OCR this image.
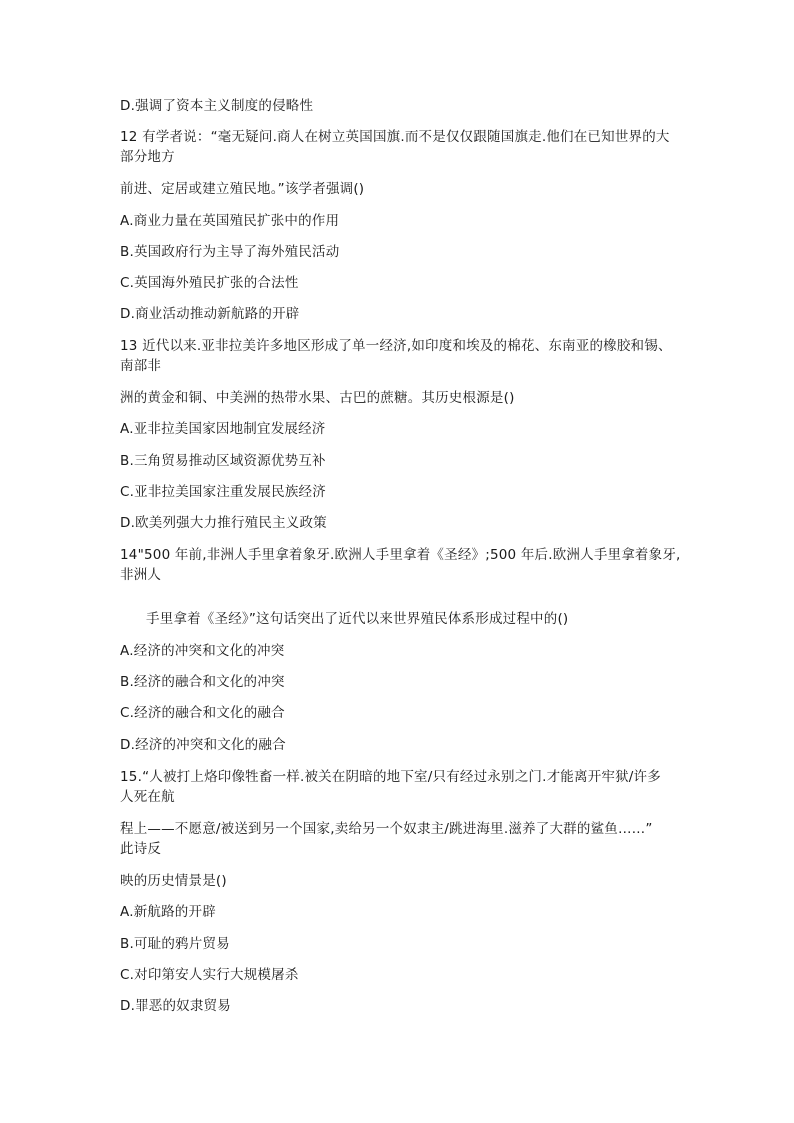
D.强调了资本主义制度的侵略性
12 有学者说：“毫无疑问.商人在树立英国国旗.而不是仅仅跟随国旗走.他们在已知世界的大
部分地方
前进、定居或建立殖民地。”该学者强调()
A.商业力量在英国殖民扩张中的作用
B.英国政府行为主导了海外殖民活动
C.英国海外殖民扩张的合法性
D.商业活动推动新航路的开辟
13 近代以来.亚非拉美许多地区形成了单一经济,如印度和埃及的棉花、东南亚的橡胶和锡、
南部非
洲的黄金和铜、中美洲的热带水果、古巴的蔗糖。其历史根源是()
A.亚非拉美国家因地制宜发展经济
B.三角贸易推动区域资源优势互补
C.亚非拉美国家注重发展民族经济
D.欧美列强大力推行殖民主义政策
14"500 年前,非洲人手里拿着象牙.欧洲人手里拿着《圣经》;500 年后.欧洲人手里拿着象牙,
非洲人
手里拿着《圣经》”这句话突出了近代以来世界殖民体系形成过程中的()
A.经济的冲突和文化的冲突
B.经济的融合和文化的冲突
C.经济的融合和文化的融合
D.经济的冲突和文化的融合
15.“人被打上烙印像牲畜一样.被关在阴暗的地下室/只有经过永别之门.才能离开牢狱/许多
人死在航
程上——不愿意/被送到另一个国家,卖给另一个奴隶主/跳进海里.滋养了大群的鲨鱼……”
此诗反
映的历史情景是()
A.新航路的开辟
B.可耻的鸦片贸易
C.对印第安人实行大规模屠杀
D.罪恶的奴隶贸易
